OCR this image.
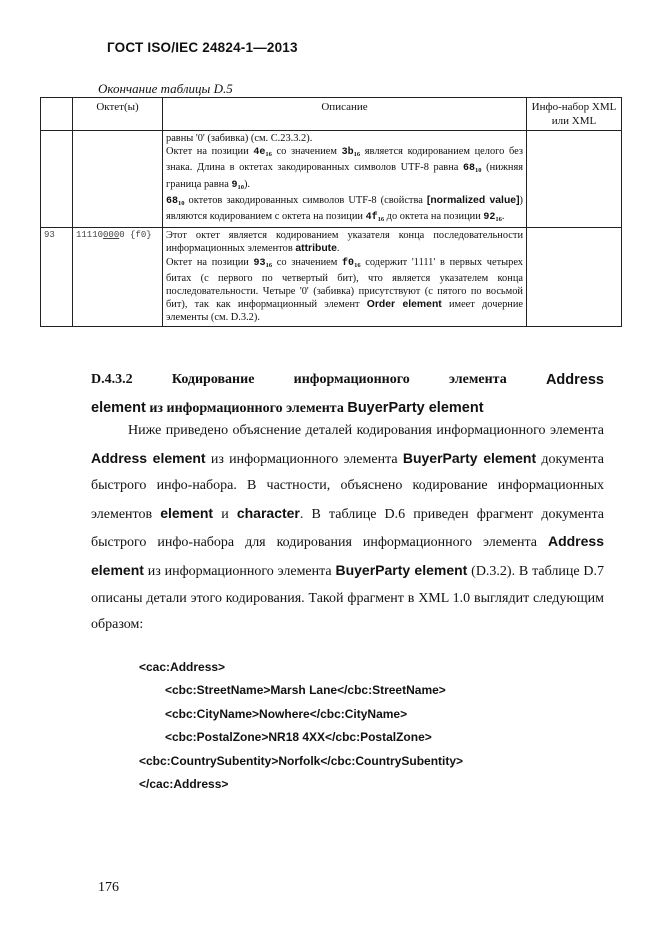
ГОСТ ISO/IEC 24824-1—2013
Окончание таблицы D.5
	Октет(ы)	Описание	Инфо-набор XML или XML

		равны '0' (забивка) (см. С.23.3.2).
Октет на позиции $4e_{16}$ со значением $3b_{16}$ является кодированием целого без знака. Длина в октетах закодированных символов UTF-8 равна $68_{10}$ (нижняя граница равна $9_{10}$).
$68_{10}$ октетов закодированных символов UTF-8 (свойства [normalized value]) являются кодированием с октета на позиции $4f_{16}$ до октета на позиции $92_{16}$.	

93	111100000 {f0}	Этот октет является кодированием указателя конца последовательности информационных элементов attribute.
Октет на позиции $93_{16}$ со значением $f0_{16}$ содержит '1111' в первых четырех битах (с первого по четвертый бит), что является указателем конца последовательности. Четыре '0' (забивка) присутствуют (с пятого по восьмой бит), так как информационный элемент Order element имеет дочерние элементы (см. D.3.2).	

D.4.3.2	Кодирование	информационного	элемента	Address
element из информационного элемента BuyerParty element
Ниже приведено объяснение деталей кодирования информационного элемента Address element из информационного элемента BuyerParty element документа быстрого инфо-набора. В частности, объяснено кодирование информационных элементов element и character. В таблице D.6 приведен фрагмент документа быстрого инфо-набора для кодирования информационного элемента Address element из информационного элемента BuyerParty element (D.3.2). В таблице D.7 описаны детали этого кодирования. Такой фрагмент в XML 1.0 выглядит следующим образом:
<cac:Address>
<cbc:StreetName>Marsh Lane</cbc:StreetName>
<cbc:CityName>Nowhere</cbc:CityName>
<cbc:PostalZone>NR18 4XX</cbc:PostalZone>
<cbc:CountrySubentity>Norfolk</cbc:CountrySubentity>
</cac:Address>
176
